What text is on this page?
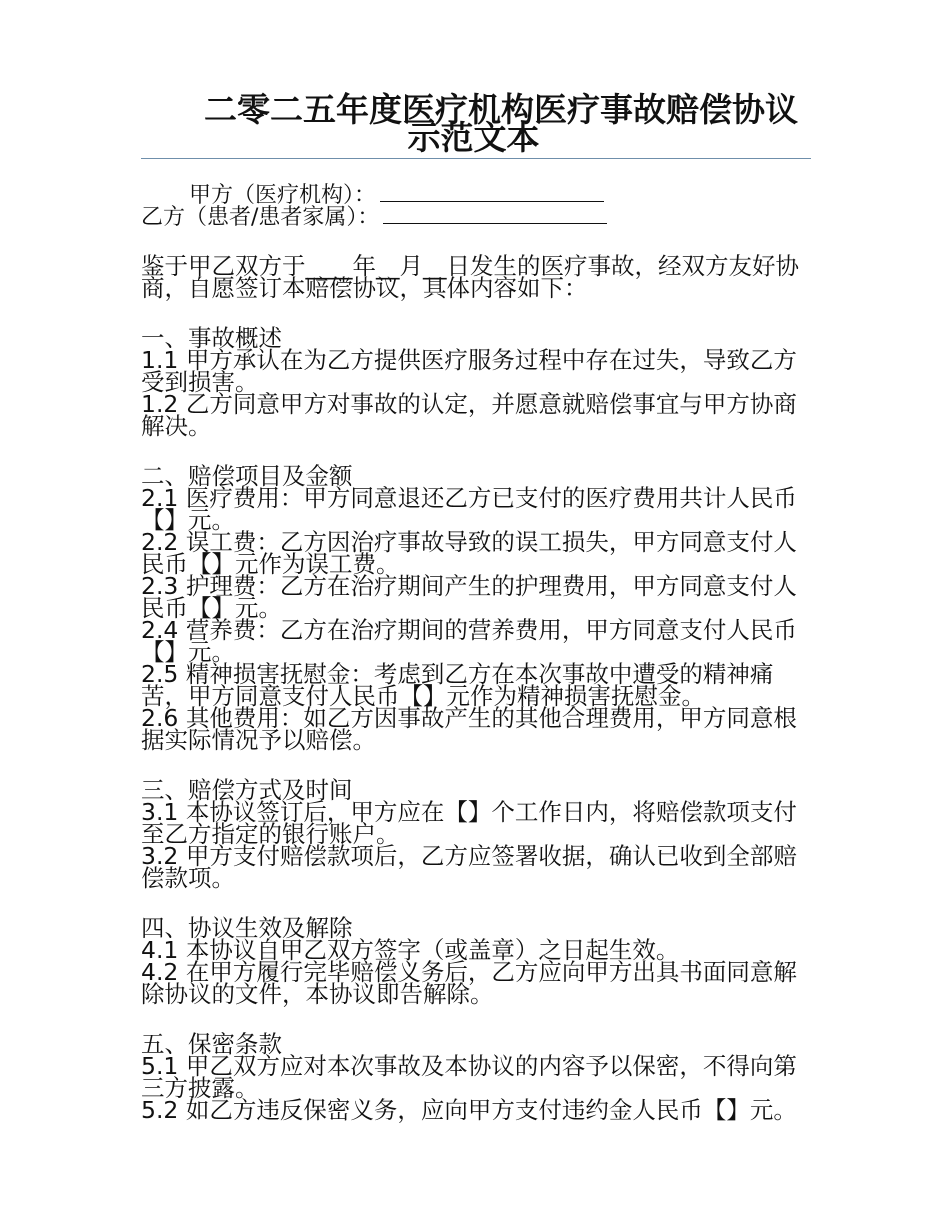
二零二五年度医疗机构医疗事故赔偿协议
示范文本
甲方（医疗机构）：
乙方（患者/患者家属）：

鉴于甲乙双方于____年__月__日发生的医疗事故，经双方友好协商，自愿签订本赔偿协议，具体内容如下：

一、事故概述

1.1 甲方承认在为乙方提供医疗服务过程中存在过失，导致乙方受到损害。

1.2 乙方同意甲方对事故的认定，并愿意就赔偿事宜与甲方协商解决。

二、赔偿项目及金额

2.1 医疗费用：甲方同意退还乙方已支付的医疗费用共计人民币【】元。

2.2 误工费：乙方因治疗事故导致的误工损失，甲方同意支付人民币【】元作为误工费。

2.3 护理费：乙方在治疗期间产生的护理费用，甲方同意支付人民币【】元。

2.4 营养费：乙方在治疗期间的营养费用，甲方同意支付人民币【】元。

2.5 精神损害抚慰金：考虑到乙方在本次事故中遭受的精神痛苦，甲方同意支付人民币【】元作为精神损害抚慰金。

2.6 其他费用：如乙方因事故产生的其他合理费用，甲方同意根据实际情况予以赔偿。

三、赔偿方式及时间

3.1 本协议签订后，甲方应在【】个工作日内，将赔偿款项支付至乙方指定的银行账户。

3.2 甲方支付赔偿款项后，乙方应签署收据，确认已收到全部赔偿款项。

四、协议生效及解除

4.1 本协议自甲乙双方签字（或盖章）之日起生效。

4.2 在甲方履行完毕赔偿义务后，乙方应向甲方出具书面同意解除协议的文件，本协议即告解除。

五、保密条款

5.1 甲乙双方应对本次事故及本协议的内容予以保密，不得向第三方披露。

5.2 如乙方违反保密义务，应向甲方支付违约金人民币【】元。
